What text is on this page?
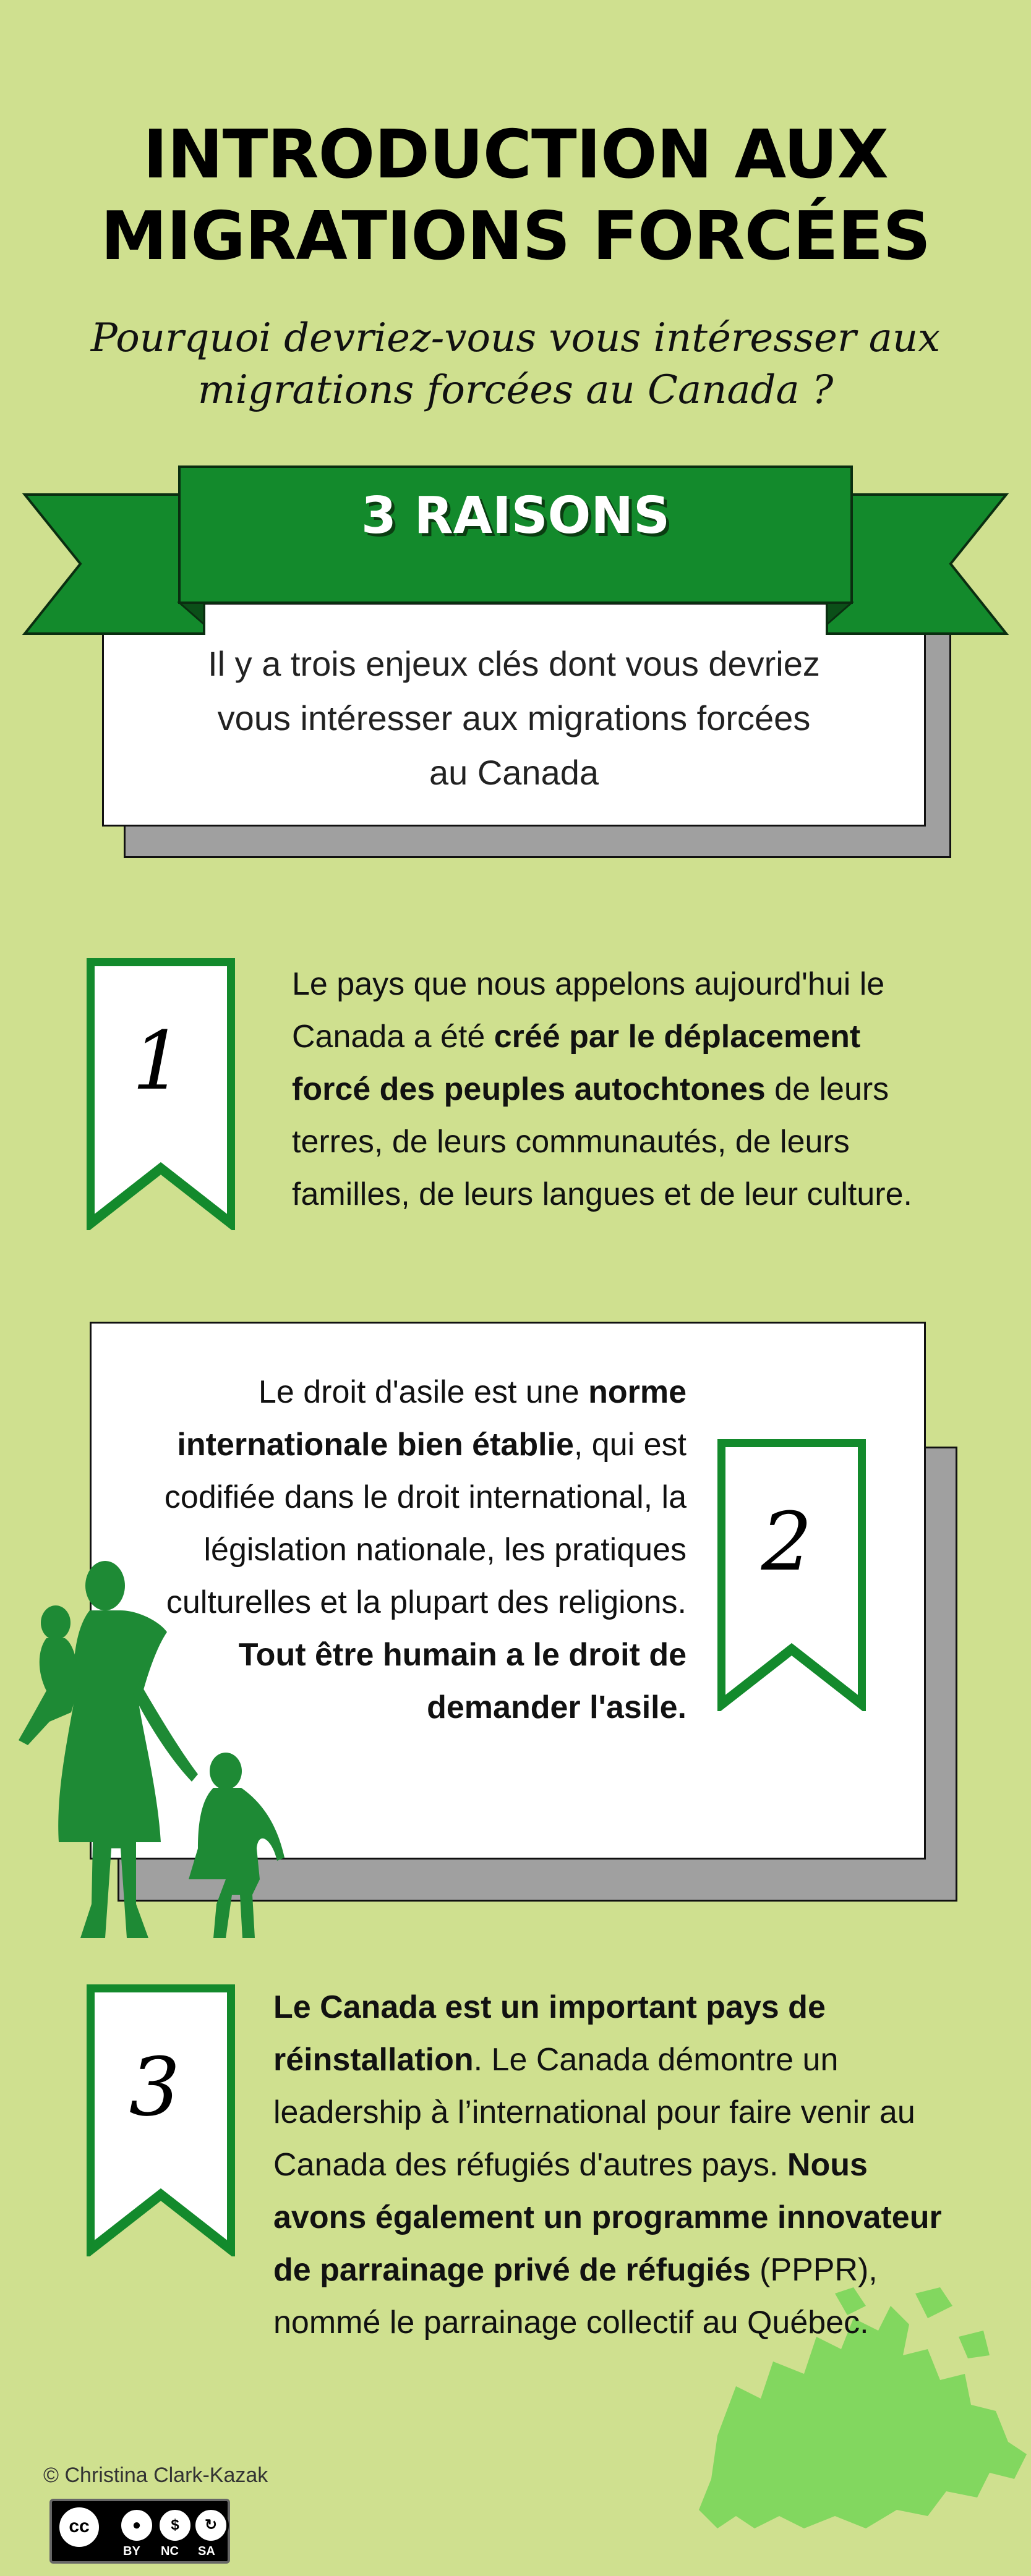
INTRODUCTION AUX
MIGRATIONS FORCÉES
Pourquoi devriez-vous vous intéresser aux
migrations forcées au Canada ?
Il y a trois enjeux clés dont vous devriez
vous intéresser aux migrations forcées
au Canada
3 RAISONS
1
Le pays que nous appelons aujourd'hui le Canada a été créé par le déplacement forcé des peuples autochtones de leurs terres, de leurs communautés, de leurs familles, de leurs langues et de leur culture.
2
Le droit d'asile est une norme internationale bien établie, qui est codifiée dans le droit international, la législation nationale, les pratiques culturelles et la plupart des religions. Tout être humain a le droit de demander l'asile.
3
Le Canada est un important pays de réinstallation. Le Canada démontre un leadership à l’international pour faire venir au Canada des réfugiés d'autres pays. Nous avons également un programme innovateur de parrainage privé de réfugiés (PPPR), nommé le parrainage collectif au Québec.
© Christina Clark-Kazak
cc	●	$	↻
BY NC SA
